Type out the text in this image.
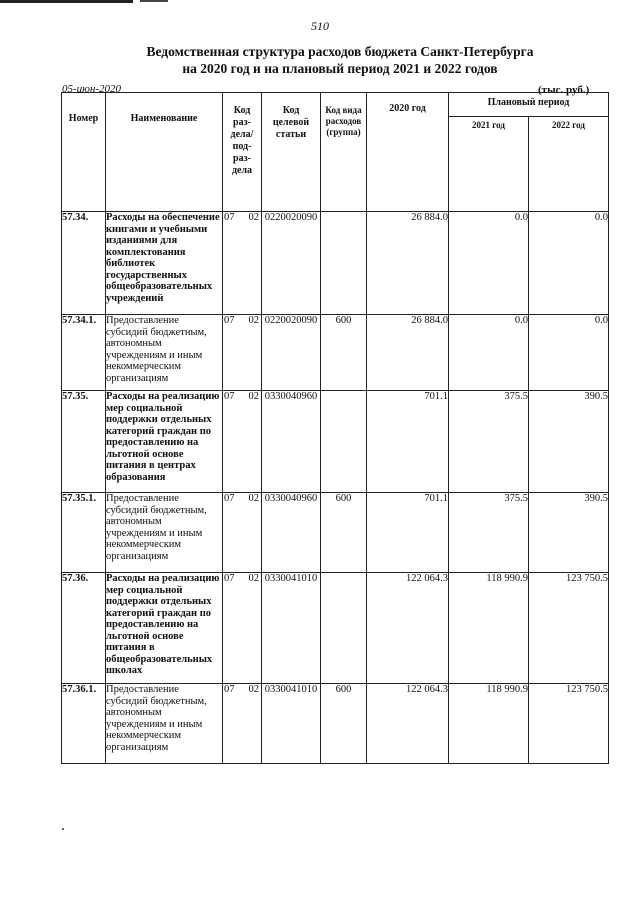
510
Ведомственная структура расходов бюджета Санкт-Петербурга
на 2020 год и на плановый период 2021 и 2022 годов
05-июн-2020	(тыс. руб.)
Номер	Наименование	Код раз-дела/ под-раз-дела	Код целевой статьи	Код вида расходов (группа)	2020 год	Плановый период	

						2021 год	2022 год

57.34.	Расходы на обеспечение книгами и учебными изданиями для комплектования библиотек государственных общеобразовательных учреждений	07 02	0220020090		26 884.0	0.0	0.0
57.34.1.	Предоставление субсидий бюджетным, автономным учреждениям и иным некоммерческим организациям	07 02	0220020090	600	26 884.0	0.0	0.0
57.35.	Расходы на реализацию мер социальной поддержки отдельных категорий граждан по предоставлению на льготной основе питания в центрах образования	07 02	0330040960		701.1	375.5	390.5
57.35.1.	Предоставление субсидий бюджетным, автономным учреждениям и иным некоммерческим организациям	07 02	0330040960	600	701.1	375.5	390.5
57.36.	Расходы на реализацию мер социальной поддержки отдельных категорий граждан по предоставлению на льготной основе питания в общеобразовательных школах	07 02	0330041010		122 064.3	118 990.9	123 750.5
57.36.1.	Предоставление субсидий бюджетным, автономным учреждениям и иным некоммерческим организациям	07 02	0330041010	600	122 064.3	118 990.9	123 750.5
